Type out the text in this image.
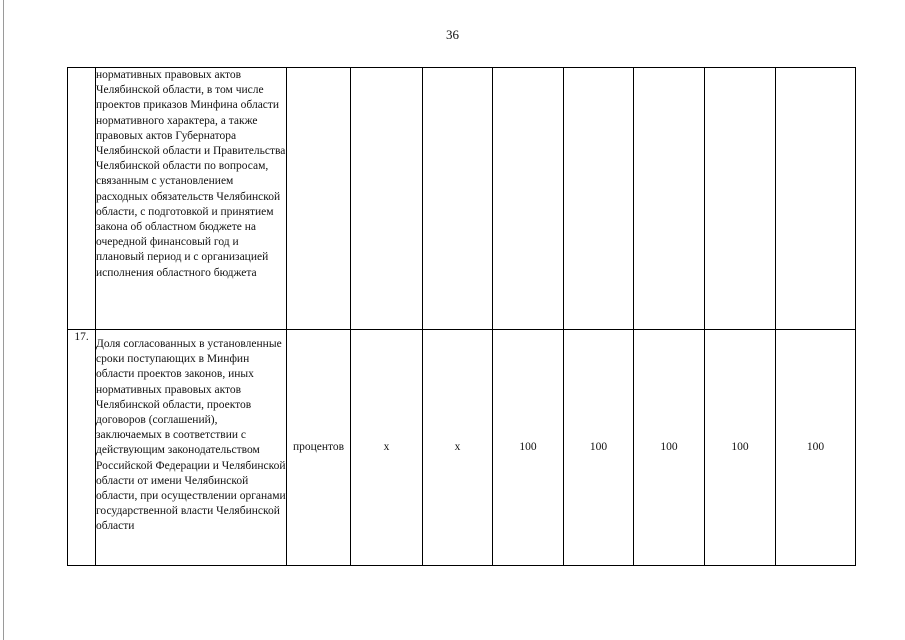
36
	нормативных правовых актов Челябинской области, в том числе проектов приказов Минфина области нормативного характера, а также правовых актов Губернатора Челябинской области и Правительства Челябинской области по вопросам, связанным с установлением расходных обязательств Челябинской области, с подготовкой и принятием закона об областном бюджете на очередной финансовый год и плановый период и с организацией исполнения областного бюджета								
17.	Доля согласованных в установленные сроки поступающих в Минфин области проектов законов, иных нормативных правовых актов Челябинской области, проектов договоров (соглашений), заключаемых в соответствии с действующим законодательством Российской Федерации и Челябинской области от имени Челябинской области, при осуществлении органами государственной власти Челябинской области	процентов	х	х	100	100	100	100	100
